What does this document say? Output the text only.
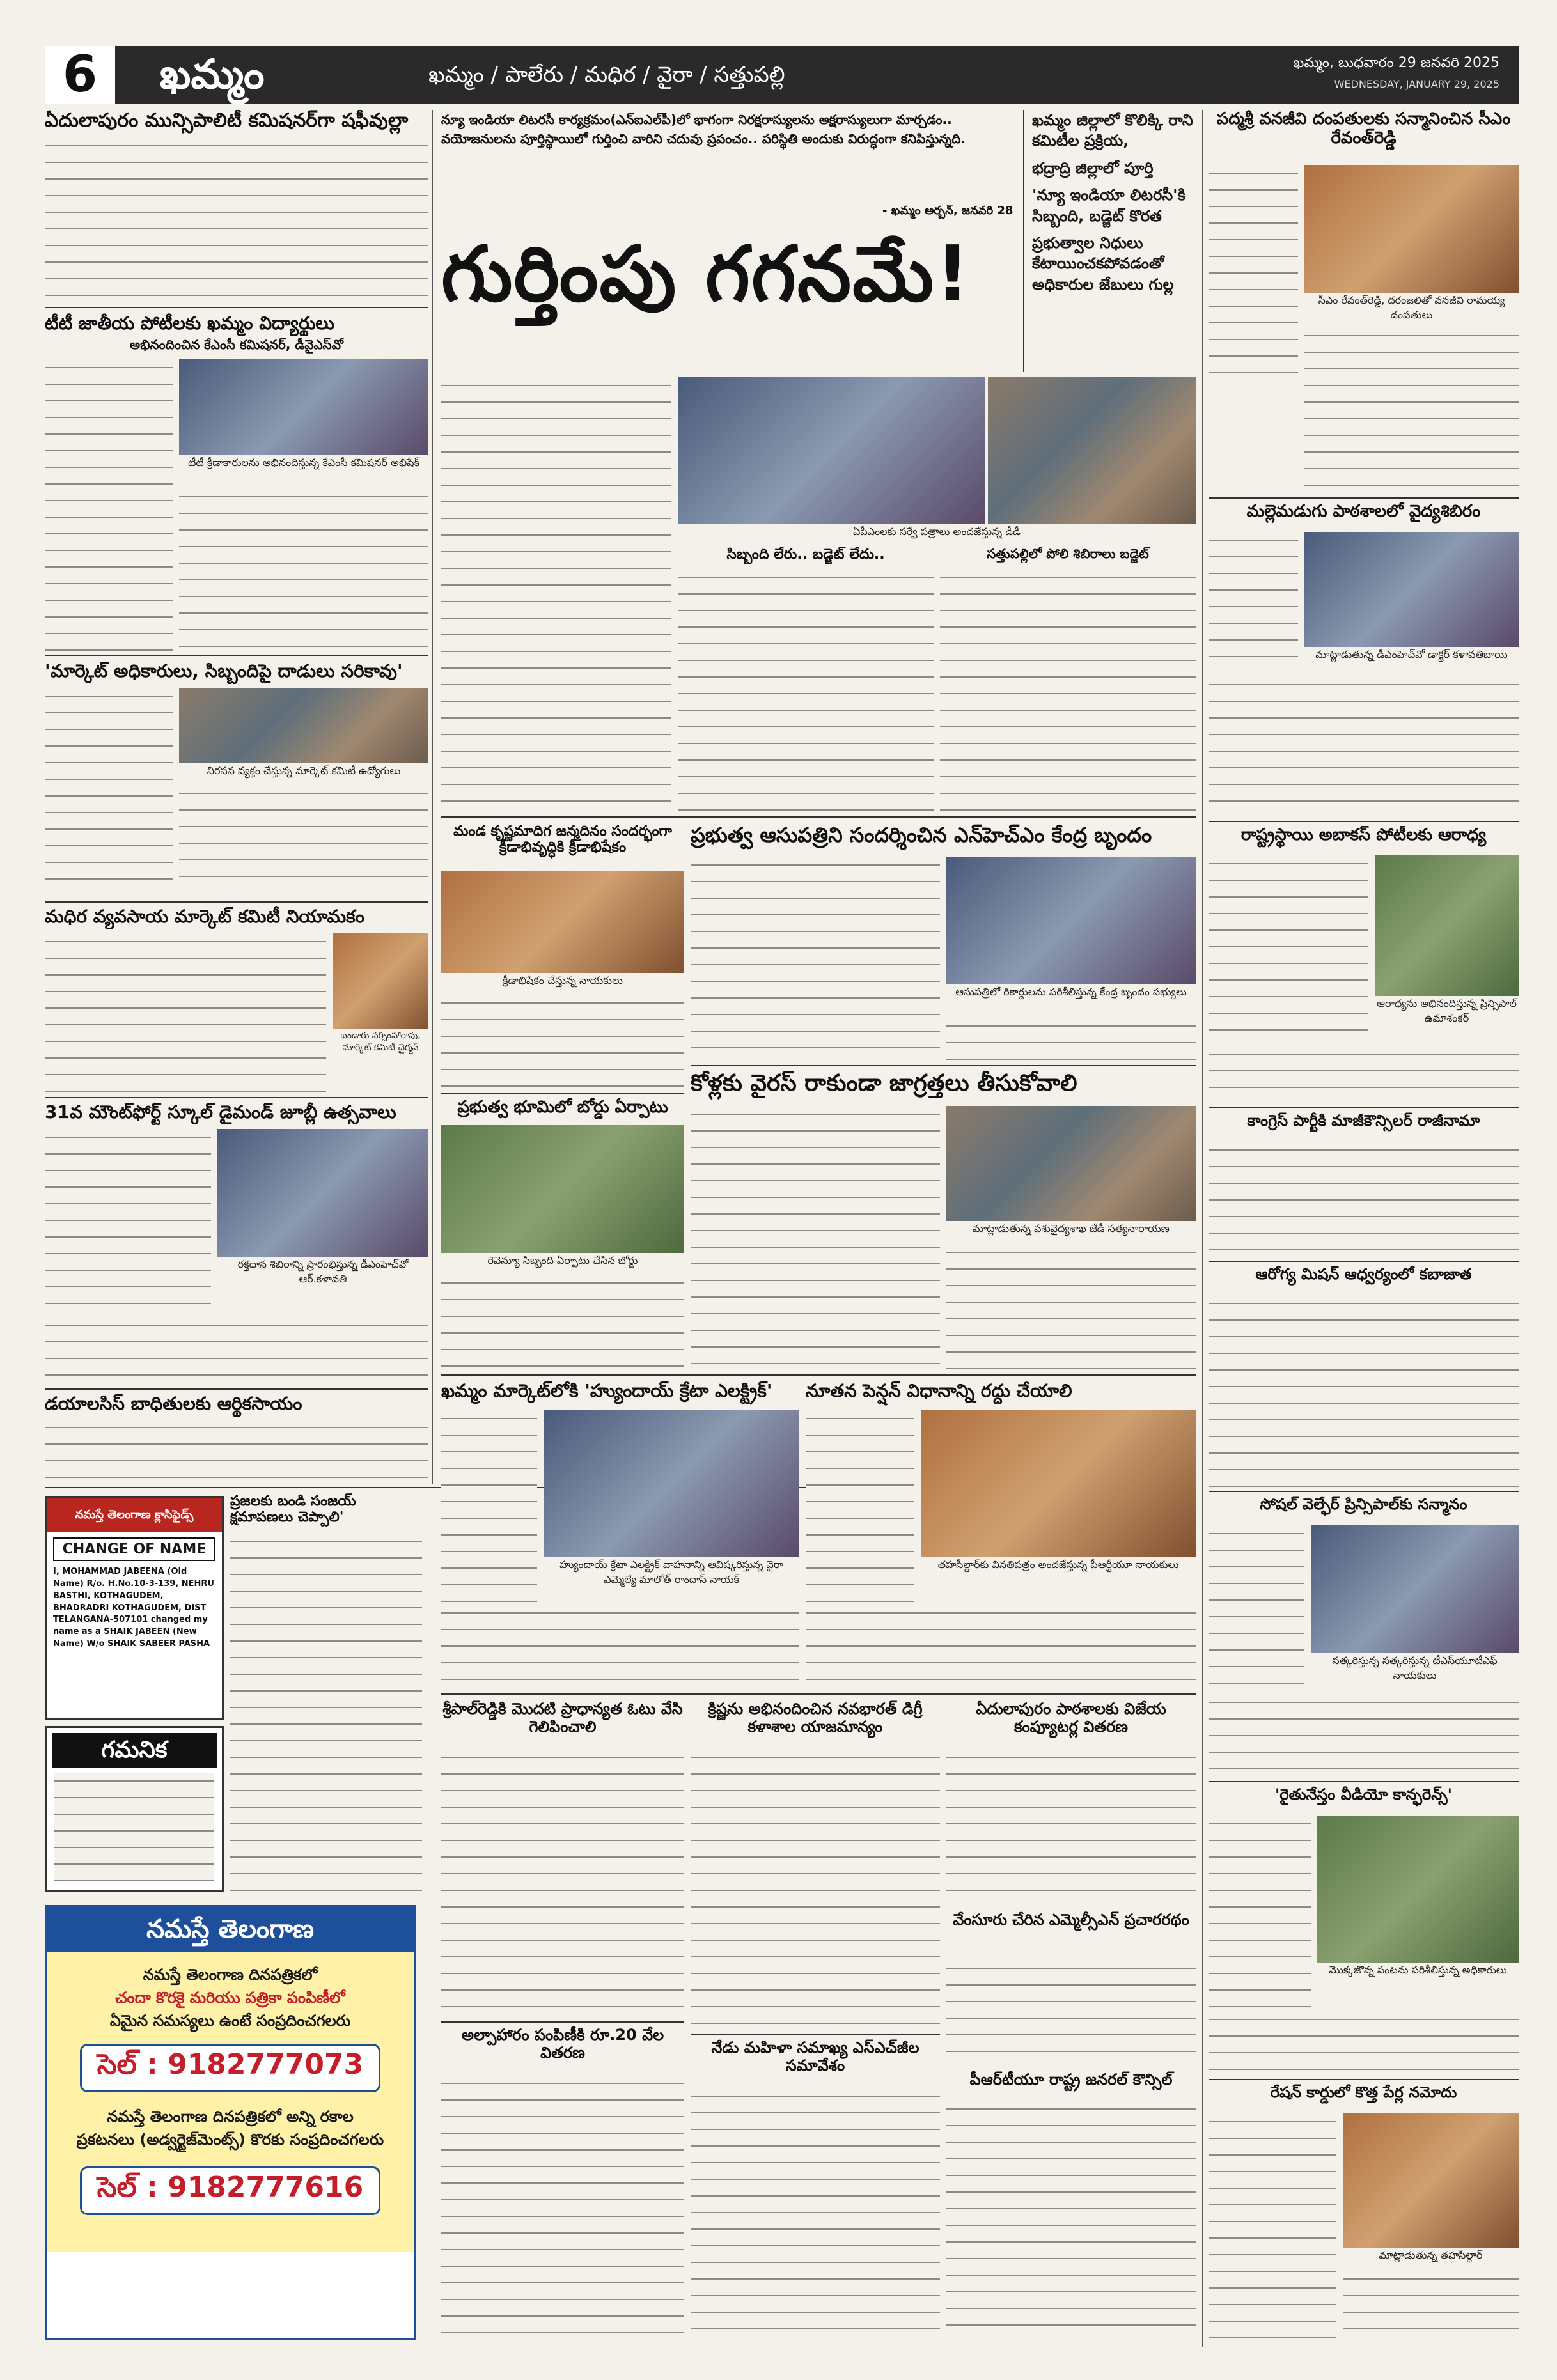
6	ఖమ్మం	ఖమ్మం / పాలేరు / మధిర / వైరా / సత్తుపల్లి	ఖమ్మం, బుధవారం 29 జనవరి 2025
WEDNESDAY, JANUARY 29, 2025
ఏదులాపురం మున్సిపాలిటీ కమిషనర్‌గా షఫీవుల్లా
టీటీ జాతీయ పోటీలకు ఖమ్మం విద్యార్థులు
అభినందించిన కేఎంసీ కమిషనర్, డీవైఎస్‌వో
టీటీ క్రీడాకారులను అభినందిస్తున్న కేఎంసీ కమిషనర్ అభిషేక్
'మార్కెట్ అధికారులు, సిబ్బందిపై దాడులు సరికావు'
నిరసన వ్యక్తం చేస్తున్న మార్కెట్ కమిటీ ఉద్యోగులు
మధిర వ్యవసాయ మార్కెట్ కమిటీ నియామకం
బండారు నర్సింహారావు, మార్కెట్ కమిటీ చైర్మన్
31వ మౌంట్‌ఫోర్ట్ స్కూల్ డైమండ్ జూబ్లీ ఉత్సవాలు
రక్తదాన శిబిరాన్ని ప్రారంభిస్తున్న డీఎంహెచ్‌వో ఆర్.కళావతి
డయాలసిస్ బాధితులకు ఆర్థికసాయం
నమస్తే తెలంగాణ క్లాసిఫైడ్స్
CHANGE OF NAME
I, MOHAMMAD JABEENA (Old Name) R/o. H.No.10-3-139, NEHRU BASTHI, KOTHAGUDEM, BHADRADRI KOTHAGUDEM, DIST TELANGANA-507101 changed my name as a SHAIK JABEEN (New Name) W/o SHAIK SABEER PASHA
గమనిక
నమస్తే తెలంగాణ
నమస్తే తెలంగాణ దినపత్రికలో
చందా కొరకై మరియు పత్రికా పంపిణీలో
ఏమైన సమస్యలు ఉంటే సంప్రదించగలరు
సెల్ : 9182777073
నమస్తే తెలంగాణ దినపత్రికలో అన్ని రకాల
ప్రకటనలు (అడ్వర్టైజ్‌మెంట్స్) కొరకు సంప్రదించగలరు
సెల్ : 9182777616
న్యూ ఇండియా లిటరసీ కార్యక్రమం(ఎన్‌ఐఎల్‌పీ)లో భాగంగా నిరక్షరాస్యులను అక్షరాస్యులుగా మార్చడం.. వయోజనులను పూర్తిస్థాయిలో గుర్తించి వారిని చదువు ప్రపంచం.. పరిస్థితి అందుకు విరుద్ధంగా కనిపిస్తున్నది.
- ఖమ్మం అర్బన్, జనవరి 28
గుర్తింపు గగనమే!
ఖమ్మం జిల్లాలో కొలిక్కి రాని కమిటీల ప్రక్రియ,
భద్రాద్రి జిల్లాలో పూర్తి
'న్యూ ఇండియా లిటరసీ'కి సిబ్బంది, బడ్జెట్ కొరత
ప్రభుత్వాల నిధులు కేటాయించకపోవడంతో అధికారుల జేబులు గుల్ల
ఏపీఎంలకు సర్వే పత్రాలు అందజేస్తున్న డీడీ
సిబ్బంది లేరు.. బడ్జెట్ లేదు..	సత్తుపల్లిలో పోలి శిబిరాలు బడ్జెట్
మండ కృష్ణమాదిగ జన్మదినం సందర్భంగా క్రీడాభివృద్ధికి క్రీడాభిషేకం
క్రీడాభిషేకం చేస్తున్న నాయకులు
ప్రభుత్వ భూమిలో బోర్డు ఏర్పాటు
రెవెన్యూ సిబ్బంది ఏర్పాటు చేసిన బోర్డు
ప్రభుత్వ ఆసుపత్రిని సందర్శించిన ఎన్‌హెచ్‌ఎం కేంద్ర బృందం
ఆసుపత్రిలో రికార్డులను పరిశీలిస్తున్న కేంద్ర బృందం సభ్యులు
కోళ్లకు వైరస్ రాకుండా జాగ్రత్తలు తీసుకోవాలి
మాట్లాడుతున్న పశువైద్యశాఖ జేడీ సత్యనారాయణ
ఖమ్మం మార్కెట్‌లోకి 'హ్యుందాయ్ క్రేటా ఎలక్ట్రిక్'
హ్యుందాయ్ క్రేటా ఎలక్ట్రిక్ వాహనాన్ని ఆవిష్కరిస్తున్న వైరా ఎమ్మెల్యే మాలోత్ రాందాస్ నాయక్
నూతన పెన్షన్ విధానాన్ని రద్దు చేయాలి
తహసీల్దార్‌కు వినతిపత్రం అందజేస్తున్న పీఆర్టీయూ నాయకులు
ప్రజలకు బండి సంజయ్ క్షమాపణలు చెప్పాలి'
శ్రీపాల్‌రెడ్డికి మొదటి ప్రాధాన్యత ఓటు వేసి గెలిపించాలి
అల్పాహారం పంపిణీకి రూ.20 వేల వితరణ
క్రిష్ణను అభినందించిన నవభారత్ డిగ్రీ కళాశాల యాజమాన్యం
నేడు మహిళా సమాఖ్య ఎస్‌ఎచ్‌జీల సమావేశం
ఏదులాపురం పాఠశాలకు విజేయ కంప్యూటర్ల వితరణ
వేంసూరు చేరిన ఎమ్మెల్సీఎన్ ప్రచారరథం
పీఆర్‌టీయూ రాష్ట్ర జనరల్ కౌన్సిల్
పద్మశ్రీ వనజీవి దంపతులకు సన్మానించిన సీఎం రేవంత్‌రెడ్డి
సీఎం రేవంత్‌రెడ్డి, దరంజలితో వనజీవి రామయ్య దంపతులు
మల్లెమడుగు పాఠశాలలో వైద్యశిబిరం
మాట్లాడుతున్న డీఎంహెచ్‌వో డాక్టర్ కళావతిబాయి
రాష్ట్రస్థాయి అబాకస్ పోటీలకు ఆరాధ్య
ఆరాధ్యను అభినందిస్తున్న ప్రిన్సిపాల్ ఉమాశంకర్
కాంగ్రెస్ పార్టీకి మాజీకౌన్సిలర్ రాజీనామా
ఆరోగ్య మిషన్ ఆధ్వర్యంలో కబాజాత
సోషల్ వెల్ఫేర్ ప్రిన్సిపాల్‌కు సన్మానం
సత్కరిస్తున్న సత్కరిస్తున్న టీఎస్‌యూటీఎఫ్ నాయకులు
'రైతునేస్తం వీడియో కాన్ఫరెన్స్'
మొక్కజొన్న పంటను పరిశీలిస్తున్న అధికారులు
రేషన్ కార్డులో కొత్త పేర్ల నమోదు
మాట్లాడుతున్న తహసీల్దార్
